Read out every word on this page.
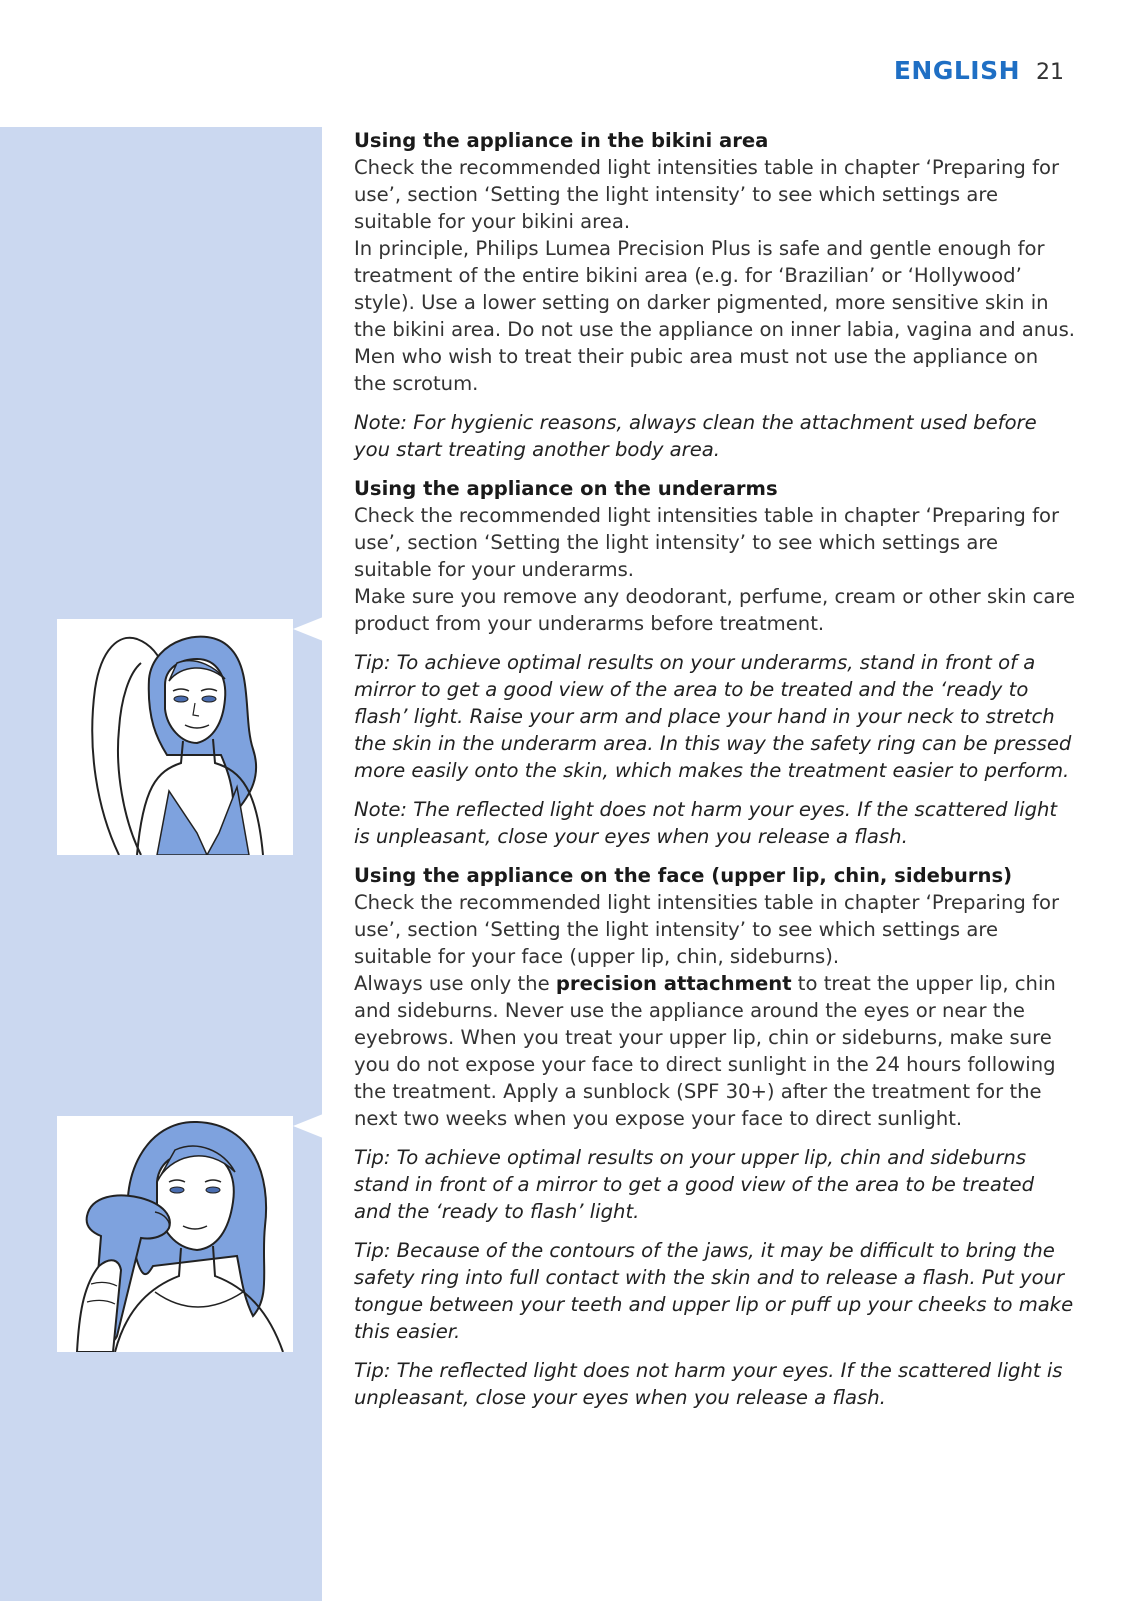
ENGLISH 21

Using the appliance in the bikini area

Check the recommended light intensities table in chapter ‘Preparing for use’, section ‘Setting the light intensity’ to see which settings are suitable for your bikini area.

In principle, Philips Lumea Precision Plus is safe and gentle enough for treatment of the entire bikini area (e.g. for ‘Brazilian’ or ‘Hollywood’ style). Use a lower setting on darker pigmented, more sensitive skin in the bikini area. Do not use the appliance on inner labia, vagina and anus. Men who wish to treat their pubic area must not use the appliance on the scrotum.

Note: For hygienic reasons, always clean the attachment used before you start treating another body area.

Using the appliance on the underarms

Check the recommended light intensities table in chapter ‘Preparing for use’, section ‘Setting the light intensity’ to see which settings are suitable for your underarms.

Make sure you remove any deodorant, perfume, cream or other skin care product from your underarms before treatment.

Tip: To achieve optimal results on your underarms, stand in front of a mirror to get a good view of the area to be treated and the ‘ready to flash’ light. Raise your arm and place your hand in your neck to stretch the skin in the underarm area. In this way the safety ring can be pressed more easily onto the skin, which makes the treatment easier to perform.

Note: The reflected light does not harm your eyes. If the scattered light is unpleasant, close your eyes when you release a flash.

Using the appliance on the face (upper lip, chin, sideburns)

Check the recommended light intensities table in chapter ‘Preparing for use’, section ‘Setting the light intensity’ to see which settings are suitable for your face (upper lip, chin, sideburns).

Always use only the precision attachment to treat the upper lip, chin and sideburns. Never use the appliance around the eyes or near the eyebrows. When you treat your upper lip, chin or sideburns, make sure you do not expose your face to direct sunlight in the 24 hours following the treatment. Apply a sunblock (SPF 30+) after the treatment for the next two weeks when you expose your face to direct sunlight.

Tip: To achieve optimal results on your upper lip, chin and sideburns stand in front of a mirror to get a good view of the area to be treated and the ‘ready to flash’ light.

Tip: Because of the contours of the jaws, it may be difficult to bring the safety ring into full contact with the skin and to release a flash. Put your tongue between your teeth and upper lip or puff up your cheeks to make this easier.

Tip: The reflected light does not harm your eyes. If the scattered light is unpleasant, close your eyes when you release a flash.
